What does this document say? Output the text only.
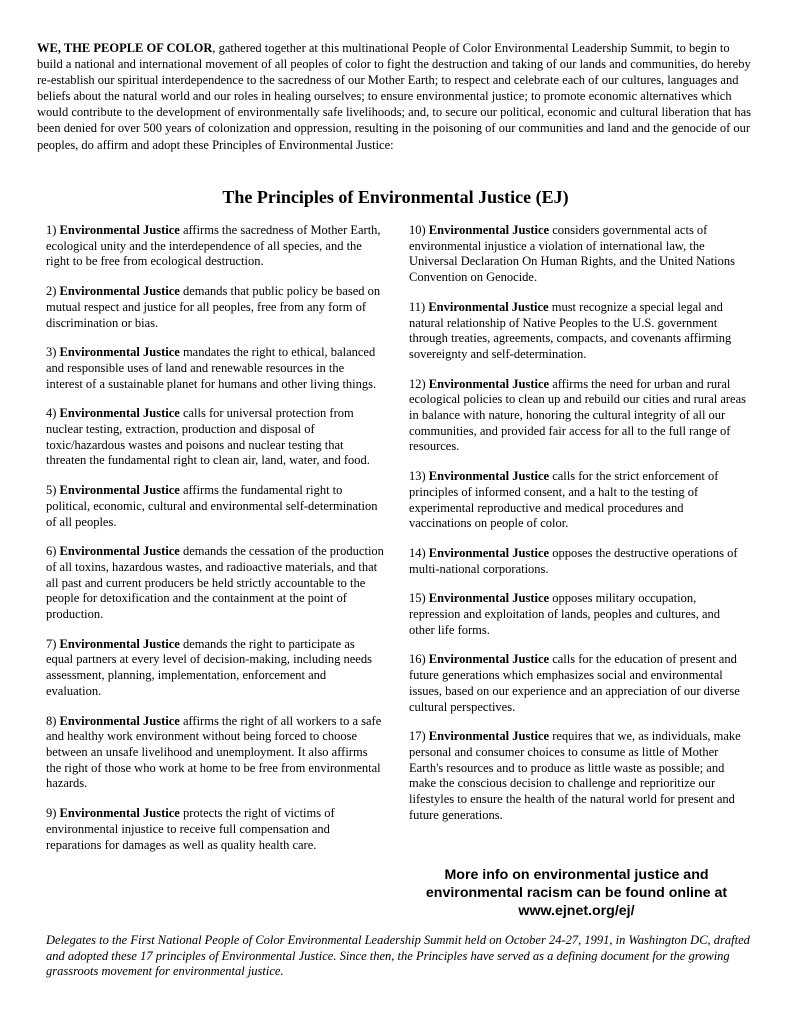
WE, THE PEOPLE OF COLOR, gathered together at this multinational People of Color Environmental Leadership Summit, to begin to build a national and international movement of all peoples of color to fight the destruction and taking of our lands and communities, do hereby re-establish our spiritual interdependence to the sacredness of our Mother Earth; to respect and celebrate each of our cultures, languages and beliefs about the natural world and our roles in healing ourselves; to ensure environmental justice; to promote economic alternatives which would contribute to the development of environmentally safe livelihoods; and, to secure our political, economic and cultural liberation that has been denied for over 500 years of colonization and oppression, resulting in the poisoning of our communities and land and the genocide of our peoples, do affirm and adopt these Principles of Environmental Justice:

The Principles of Environmental Justice (EJ)

1) Environmental Justice affirms the sacredness of Mother Earth, ecological unity and the interdependence of all species, and the right to be free from ecological destruction.

2) Environmental Justice demands that public policy be based on mutual respect and justice for all peoples, free from any form of discrimination or bias.

3) Environmental Justice mandates the right to ethical, balanced and responsible uses of land and renewable resources in the interest of a sustainable planet for humans and other living things.

4) Environmental Justice calls for universal protection from nuclear testing, extraction, production and disposal of toxic/hazardous wastes and poisons and nuclear testing that threaten the fundamental right to clean air, land, water, and food.

5) Environmental Justice affirms the fundamental right to political, economic, cultural and environmental self-determination of all peoples.

6) Environmental Justice demands the cessation of the production of all toxins, hazardous wastes, and radioactive materials, and that all past and current producers be held strictly accountable to the people for detoxification and the containment at the point of production.

7) Environmental Justice demands the right to participate as equal partners at every level of decision-making, including needs assessment, planning, implementation, enforcement and evaluation.

8) Environmental Justice affirms the right of all workers to a safe and healthy work environment without being forced to choose between an unsafe livelihood and unemployment. It also affirms the right of those who work at home to be free from environmental hazards.

9) Environmental Justice protects the right of victims of environmental injustice to receive full compensation and reparations for damages as well as quality health care.

10) Environmental Justice considers governmental acts of environmental injustice a violation of international law, the Universal Declaration On Human Rights, and the United Nations Convention on Genocide.

11) Environmental Justice must recognize a special legal and natural relationship of Native Peoples to the U.S. government through treaties, agreements, compacts, and covenants affirming sovereignty and self-determination.

12) Environmental Justice affirms the need for urban and rural ecological policies to clean up and rebuild our cities and rural areas in balance with nature, honoring the cultural integrity of all our communities, and provided fair access for all to the full range of resources.

13) Environmental Justice calls for the strict enforcement of principles of informed consent, and a halt to the testing of experimental reproductive and medical procedures and vaccinations on people of color.

14) Environmental Justice opposes the destructive operations of multi-national corporations.

15) Environmental Justice opposes military occupation, repression and exploitation of lands, peoples and cultures, and other life forms.

16) Environmental Justice calls for the education of present and future generations which emphasizes social and environmental issues, based on our experience and an appreciation of our diverse cultural perspectives.

17) Environmental Justice requires that we, as individuals, make personal and consumer choices to consume as little of Mother Earth's resources and to produce as little waste as possible; and make the conscious decision to challenge and reprioritize our lifestyles to ensure the health of the natural world for present and future generations.

More info on environmental justice and
environmental racism can be found online at
www.ejnet.org/ej/

Delegates to the First National People of Color Environmental Leadership Summit held on October 24-27, 1991, in Washington DC, drafted and adopted these 17 principles of Environmental Justice. Since then, the Principles have served as a defining document for the growing grassroots movement for environmental justice.
